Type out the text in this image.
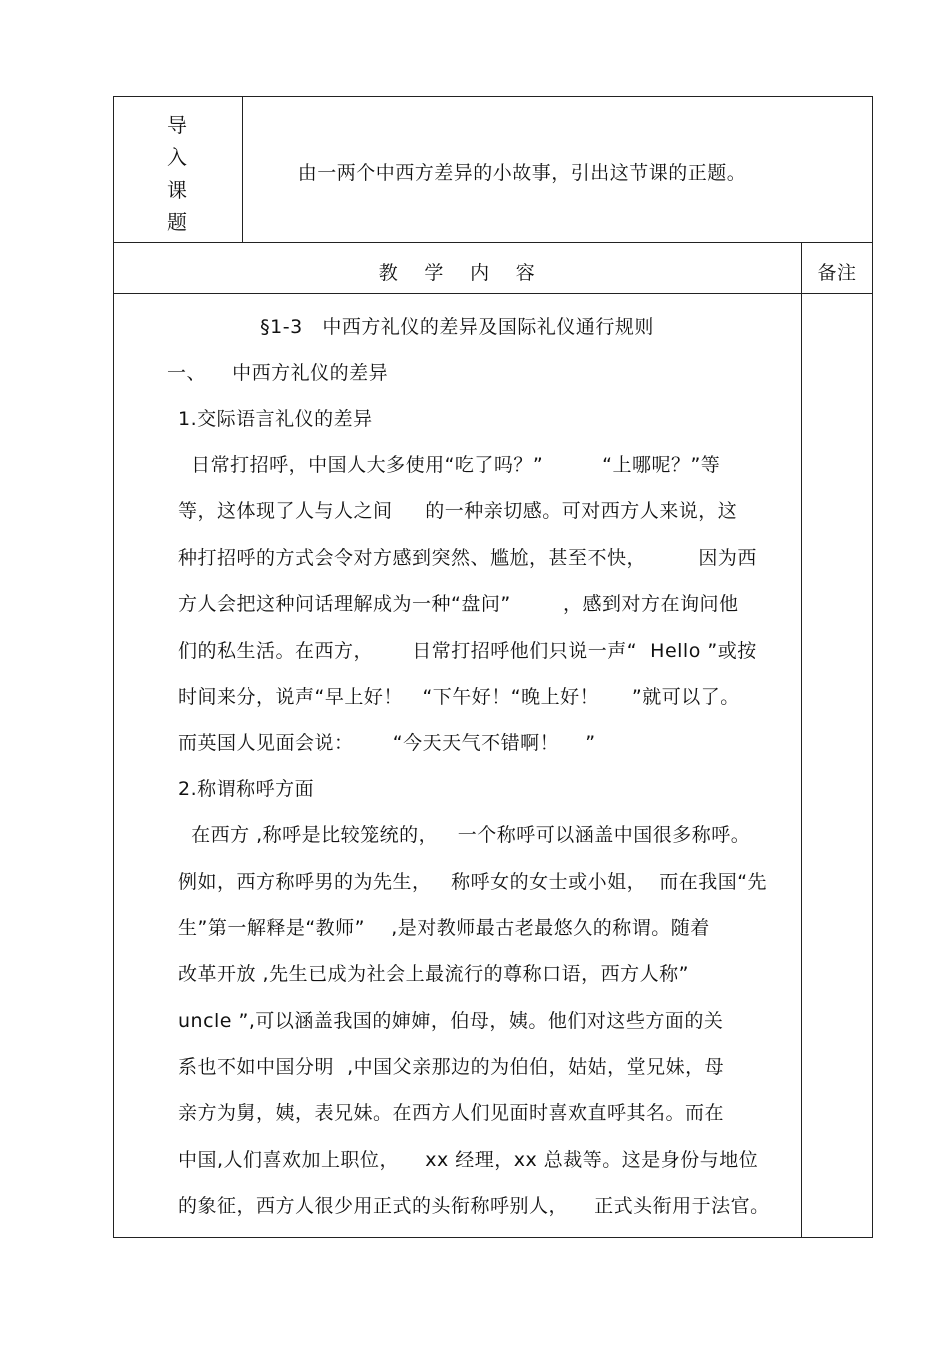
导
入
课
题
由一两个中西方差异的小故事，引出这节课的正题。
教    学    内    容	备注
§1-3   中西方礼仪的差异及国际礼仪通行规则
一、    中西方礼仪的差异
1.交际语言礼仪的差异
日常打招呼，中国人大多使用“吃了吗？”         “上哪呢？”等
等，这体现了人与人之间     的一种亲切感。可对西方人来说，这
种打招呼的方式会令对方感到突然、尴尬，甚至不快，        因为西
方人会把这种问话理解成为一种“盘问”        ，感到对方在询问他
们的私生活。在西方，      日常打招呼他们只说一声“  Hello ”或按
时间来分，说声“早上好！   “下午好！“晚上好！     ”就可以了。
而英国人见面会说：      “今天天气不错啊！    ”
2.称谓称呼方面
在西方 ,称呼是比较笼统的，   一个称呼可以涵盖中国很多称呼。
例如，西方称呼男的为先生，   称呼女的女士或小姐，  而在我国“先
生”第一解释是“教师”    ,是对教师最古老最悠久的称谓。随着
改革开放 ,先生已成为社会上最流行的尊称口语，西方人称”
uncle ”,可以涵盖我国的婶婶，伯母，姨。他们对这些方面的关
系也不如中国分明  ,中国父亲那边的为伯伯，姑姑，堂兄妹，母
亲方为舅，姨，表兄妹。在西方人们见面时喜欢直呼其名。而在
中国,人们喜欢加上职位，    xx 经理，xx 总裁等。这是身份与地位
的象征，西方人很少用正式的头衔称呼别人，    正式头衔用于法官。
